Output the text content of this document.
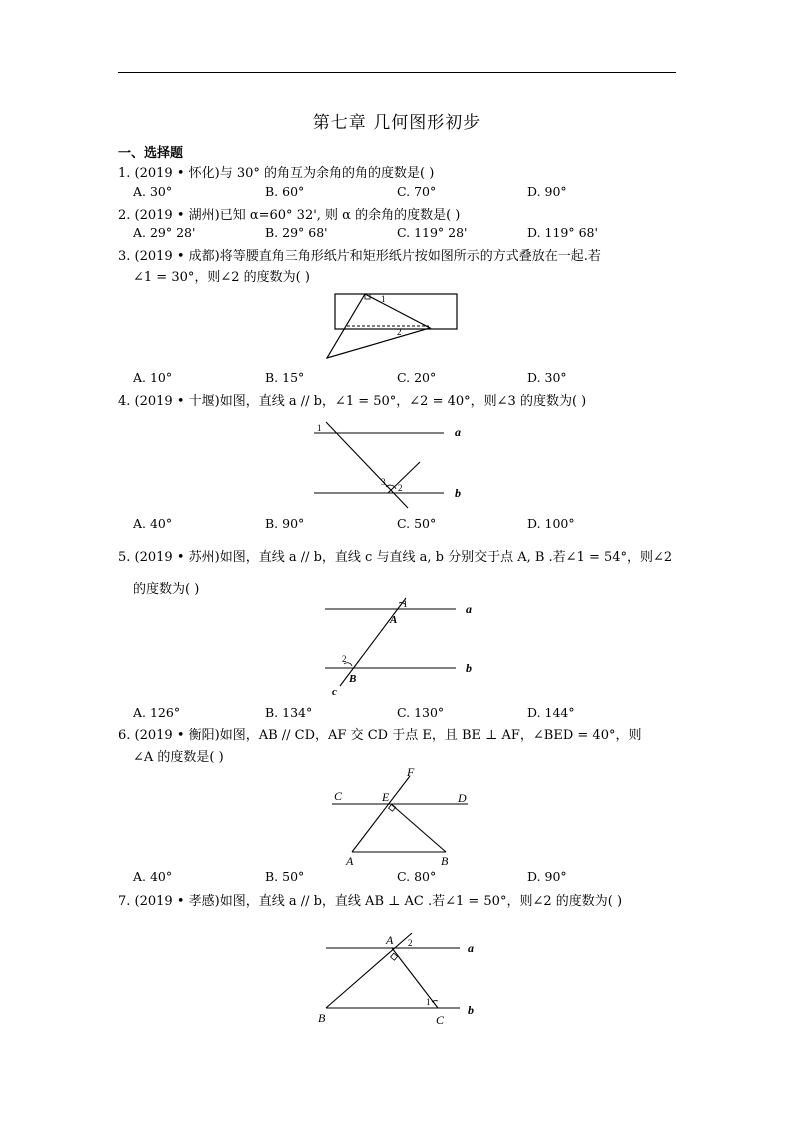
第七章 几何图形初步
一、选择题
1. (2019 • 怀化)与 30° 的角互为余角的角的度数是( )
A. 30°	B. 60°	C. 70°	D. 90°
2. (2019 • 湖州)已知 α=60° 32', 则 α 的余角的度数是( )
A. 29° 28'	B. 29° 68'	C. 119° 28'	D. 119° 68'
3. (2019 • 成都)将等腰直角三角形纸片和矩形纸片按如图所示的方式叠放在一起.若
∠1 = 30°，则∠2 的度数为( )
1
2
A. 10°	B. 15°	C. 20°	D. 30°
4. (2019 • 十堰)如图，直线 a // b，∠1 = 50°，∠2 = 40°，则∠3 的度数为( )
1
3
2
a
b
A. 40°	B. 90°	C. 50°	D. 100°
5. (2019 • 苏州)如图，直线 a // b，直线 c 与直线 a, b 分别交于点 A, B .若∠1 = 54°，则∠2
的度数为( )
1
A
a
2
B
b
c
A. 126°	B. 134°	C. 130°	D. 144°
6. (2019 • 衡阳)如图，AB // CD，AF 交 CD 于点 E，且 BE ⊥ AF，∠BED = 40°，则
∠A 的度数是( )
F
C	E	D
A	B
A. 40°	B. 50°	C. 80°	D. 90°
7. (2019 • 孝感)如图，直线 a // b，直线 AB ⊥ AC .若∠1 = 50°，则∠2 的度数为( )
A 2	a
1
B	C
b
